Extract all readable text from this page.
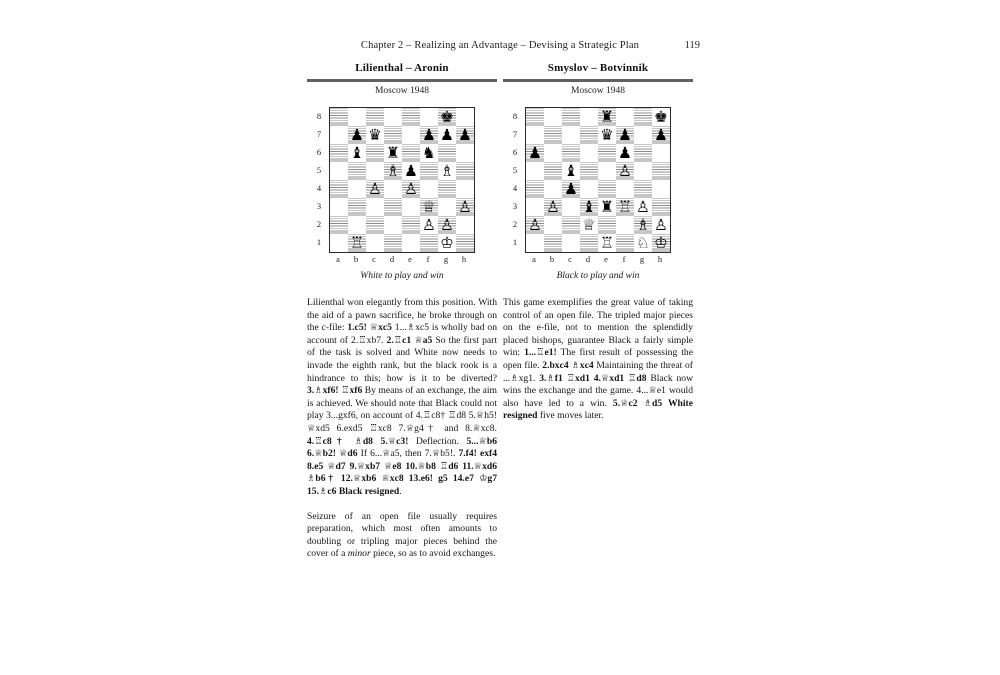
Chapter 2 – Realizing an Advantage – Devising a Strategic Plan	119
Lilienthal – Aronin
Moscow 1948
8
7
6
5
4
3
2
1
♚
♟ ♛	♟ ♟ ♟
♝ ♜ ♞
♗ ♟ ♗
♙ ♙
♕ ♙
♙ ♙
♖	♔
a	b	c	d	e	f	g	h
White to play and win

Lilienthal won elegantly from this position. With the aid of a pawn sacrifice, he broke through on the c-file: 1.c5! ♕xc5 1...♗xc5 is wholly bad on account of 2.♖xb7. 2.♖c1 ♕a5 So the first part of the task is solved and White now needs to invade the eighth rank, but the black rook is a hindrance to this; how is it to be diverted? 3.♗xf6! ♖xf6 By means of an exchange, the aim is achieved. We should note that Black could not play 3...gxf6, on account of 4.♖c8† ♖d8 5.♕h5! ♕xd5 6.exd5 ♖xc8 7.♕g4† and 8.♕xc8. 4.♖c8† ♗d8 5.♕c3! Deflection. 5...♕b6 6.♕b2! ♕d6 If 6...♕a5, then 7.♕b5!. 7.f4! exf4 8.e5 ♕d7 9.♕xb7 ♕e8 10.♕b8 ♖d6 11.♕xd6 ♗b6† 12.♕xb6 ♕xc8 13.e6! g5 14.e7 ♔g7 15.♗c6 Black resigned.

Seizure of an open file usually requires preparation, which most often amounts to doubling or tripling major pieces behind the cover of a minor piece, so as to avoid exchanges.

Smyslov – Botvinnik
Moscow 1948
8
7
6
5
4
3
2
1
♜	♚
♛ ♟ ♟
♟	♟
♝	♙
♟
♙ ♝ ♜ ♖ ♙
♙	♕	♗ ♙
♖ ♘ ♔
a	b	c	d	e	f	g	h
Black to play and win

This game exemplifies the great value of taking control of an open file. The tripled major pieces on the e-file, not to mention the splendidly placed bishops, guarantee Black a fairly simple win: 1...♖e1! The first result of possessing the open file. 2.bxc4 ♗xc4 Maintaining the threat of ...♗xg1. 3.♗f1 ♖xd1 4.♕xd1 ♖d8 Black now wins the exchange and the game. 4...♕e1 would also have led to a win. 5.♕c2 ♗d5 White resigned five moves later.
